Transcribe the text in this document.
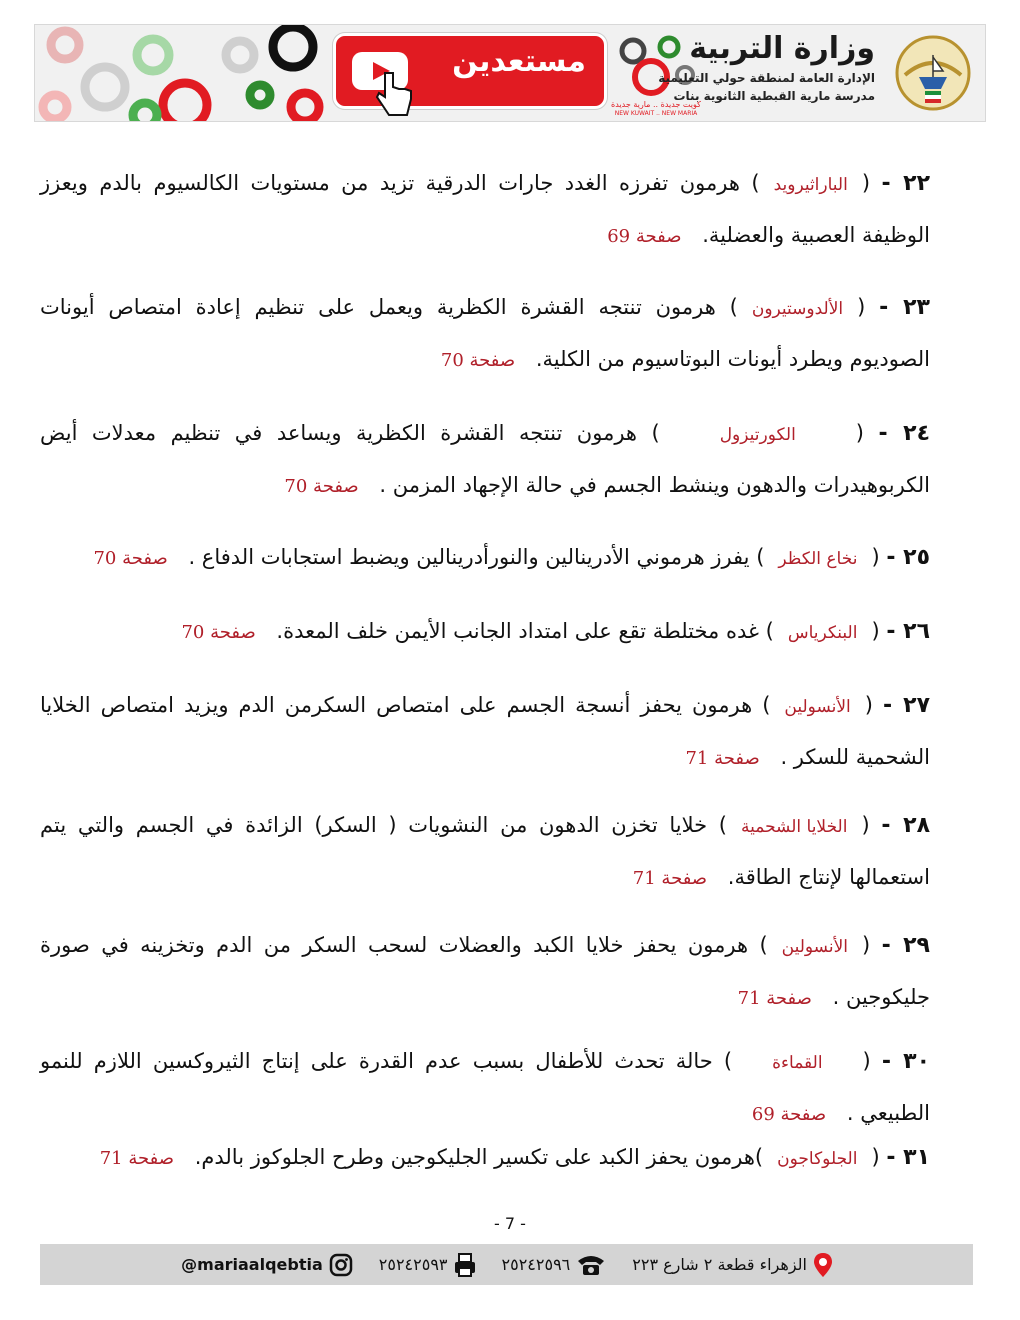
مستعدين
كويت جديدة .. مارية جديدة
NEW KUWAIT .. NEW MARIA
وزارة التربية
الإدارة العامة لمنطقة حولي التعليمية
مدرسة مارية القبطية الثانوية بنات
٢٢ - (الباراثيرويد) هرمون تفرزه الغدد جارات الدرقية تزيد من مستويات الكالسيوم بالدم ويعزز الوظيفة العصبية والعضلية. صفحة 69
٢٣ - (الألدوستيرون) هرمون تنتجه القشرة الكظرية ويعمل على تنظيم إعادة امتصاص أيونات الصوديوم ويطرد أيونات البوتاسيوم من الكلية. صفحة 70
٢٤ - (الكورتيزول) هرمون تنتجه القشرة الكظرية ويساعد في تنظيم معدلات أيض الكربوهيدرات والدهون وينشط الجسم في حالة الإجهاد المزمن . صفحة 70
٢٥ - (نخاع الكظر) يفرز هرموني الأدرينالين والنورأدرينالين ويضبط استجابات الدفاع . صفحة 70
٢٦ - (البنكرياس) غده مختلطة تقع على امتداد الجانب الأيمن خلف المعدة. صفحة 70
٢٧ - (الأنسولين) هرمون يحفز أنسجة الجسم على امتصاص السكرمن الدم ويزيد امتصاص الخلايا الشحمية للسكر . صفحة 71
٢٨ - (الخلايا الشحمية) خلايا تخزن الدهون من النشويات ( السكر) الزائدة في الجسم والتي يتم استعمالها لإنتاج الطاقة. صفحة 71
٢٩ - (الأنسولين) هرمون يحفز خلايا الكبد والعضلات لسحب السكر من الدم وتخزينه في صورة جليكوجين . صفحة 71
٣٠ - (القماءة) حالة تحدث للأطفال بسبب عدم القدرة على إنتاج الثيروكسين اللازم للنمو الطبيعي . صفحة 69
٣١ - (الجلوكاجون)هرمون يحفز الكبد على تكسير الجليكوجين وطرح الجلوكوز بالدم. صفحة 71
- 7 -
الزهراء قطعة ٢ شارع ٢٢٣
٢٥٢٤٢٥٩٦
٢٥٢٤٢٥٩٣
@mariaalqebtia
